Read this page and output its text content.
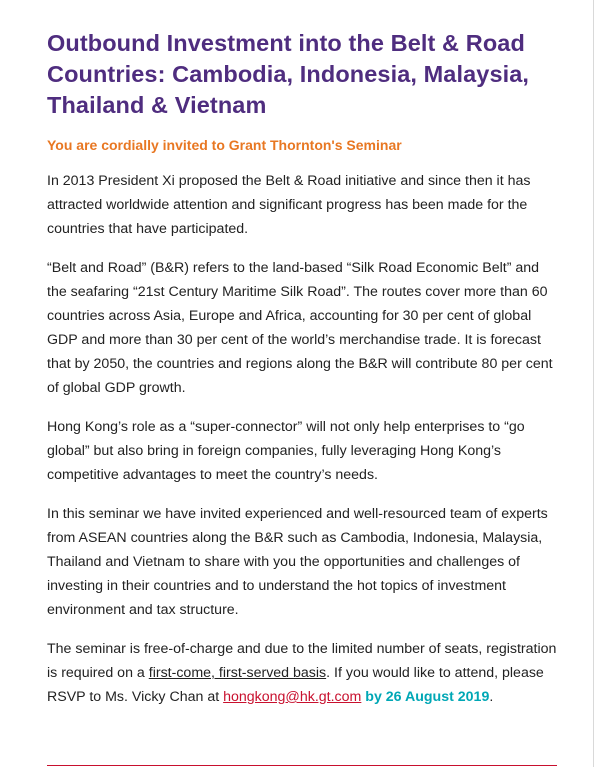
Outbound Investment into the Belt & Road Countries: Cambodia, Indonesia, Malaysia, Thailand & Vietnam
You are cordially invited to Grant Thornton's Seminar

In 2013 President Xi proposed the Belt & Road initiative and since then it has attracted worldwide attention and significant progress has been made for the countries that have participated.

“Belt and Road” (B&R) refers to the land-based “Silk Road Economic Belt” and the seafaring “21st Century Maritime Silk Road”. The routes cover more than 60 countries across Asia, Europe and Africa, accounting for 30 per cent of global GDP and more than 30 per cent of the world’s merchandise trade. It is forecast that by 2050, the countries and regions along the B&R will contribute 80 per cent of global GDP growth.

Hong Kong’s role as a “super-connector” will not only help enterprises to “go global” but also bring in foreign companies, fully leveraging Hong Kong’s competitive advantages to meet the country’s needs.

In this seminar we have invited experienced and well-resourced team of experts from ASEAN countries along the B&R such as Cambodia, Indonesia, Malaysia, Thailand and Vietnam to share with you the opportunities and challenges of investing in their countries and to understand the hot topics of investment environment and tax structure.

The seminar is free-of-charge and due to the limited number of seats, registration is required on a first-come, first-served basis. If you would like to attend, please RSVP to Ms. Vicky Chan at hongkong@hk.gt.com by 26 August 2019.
